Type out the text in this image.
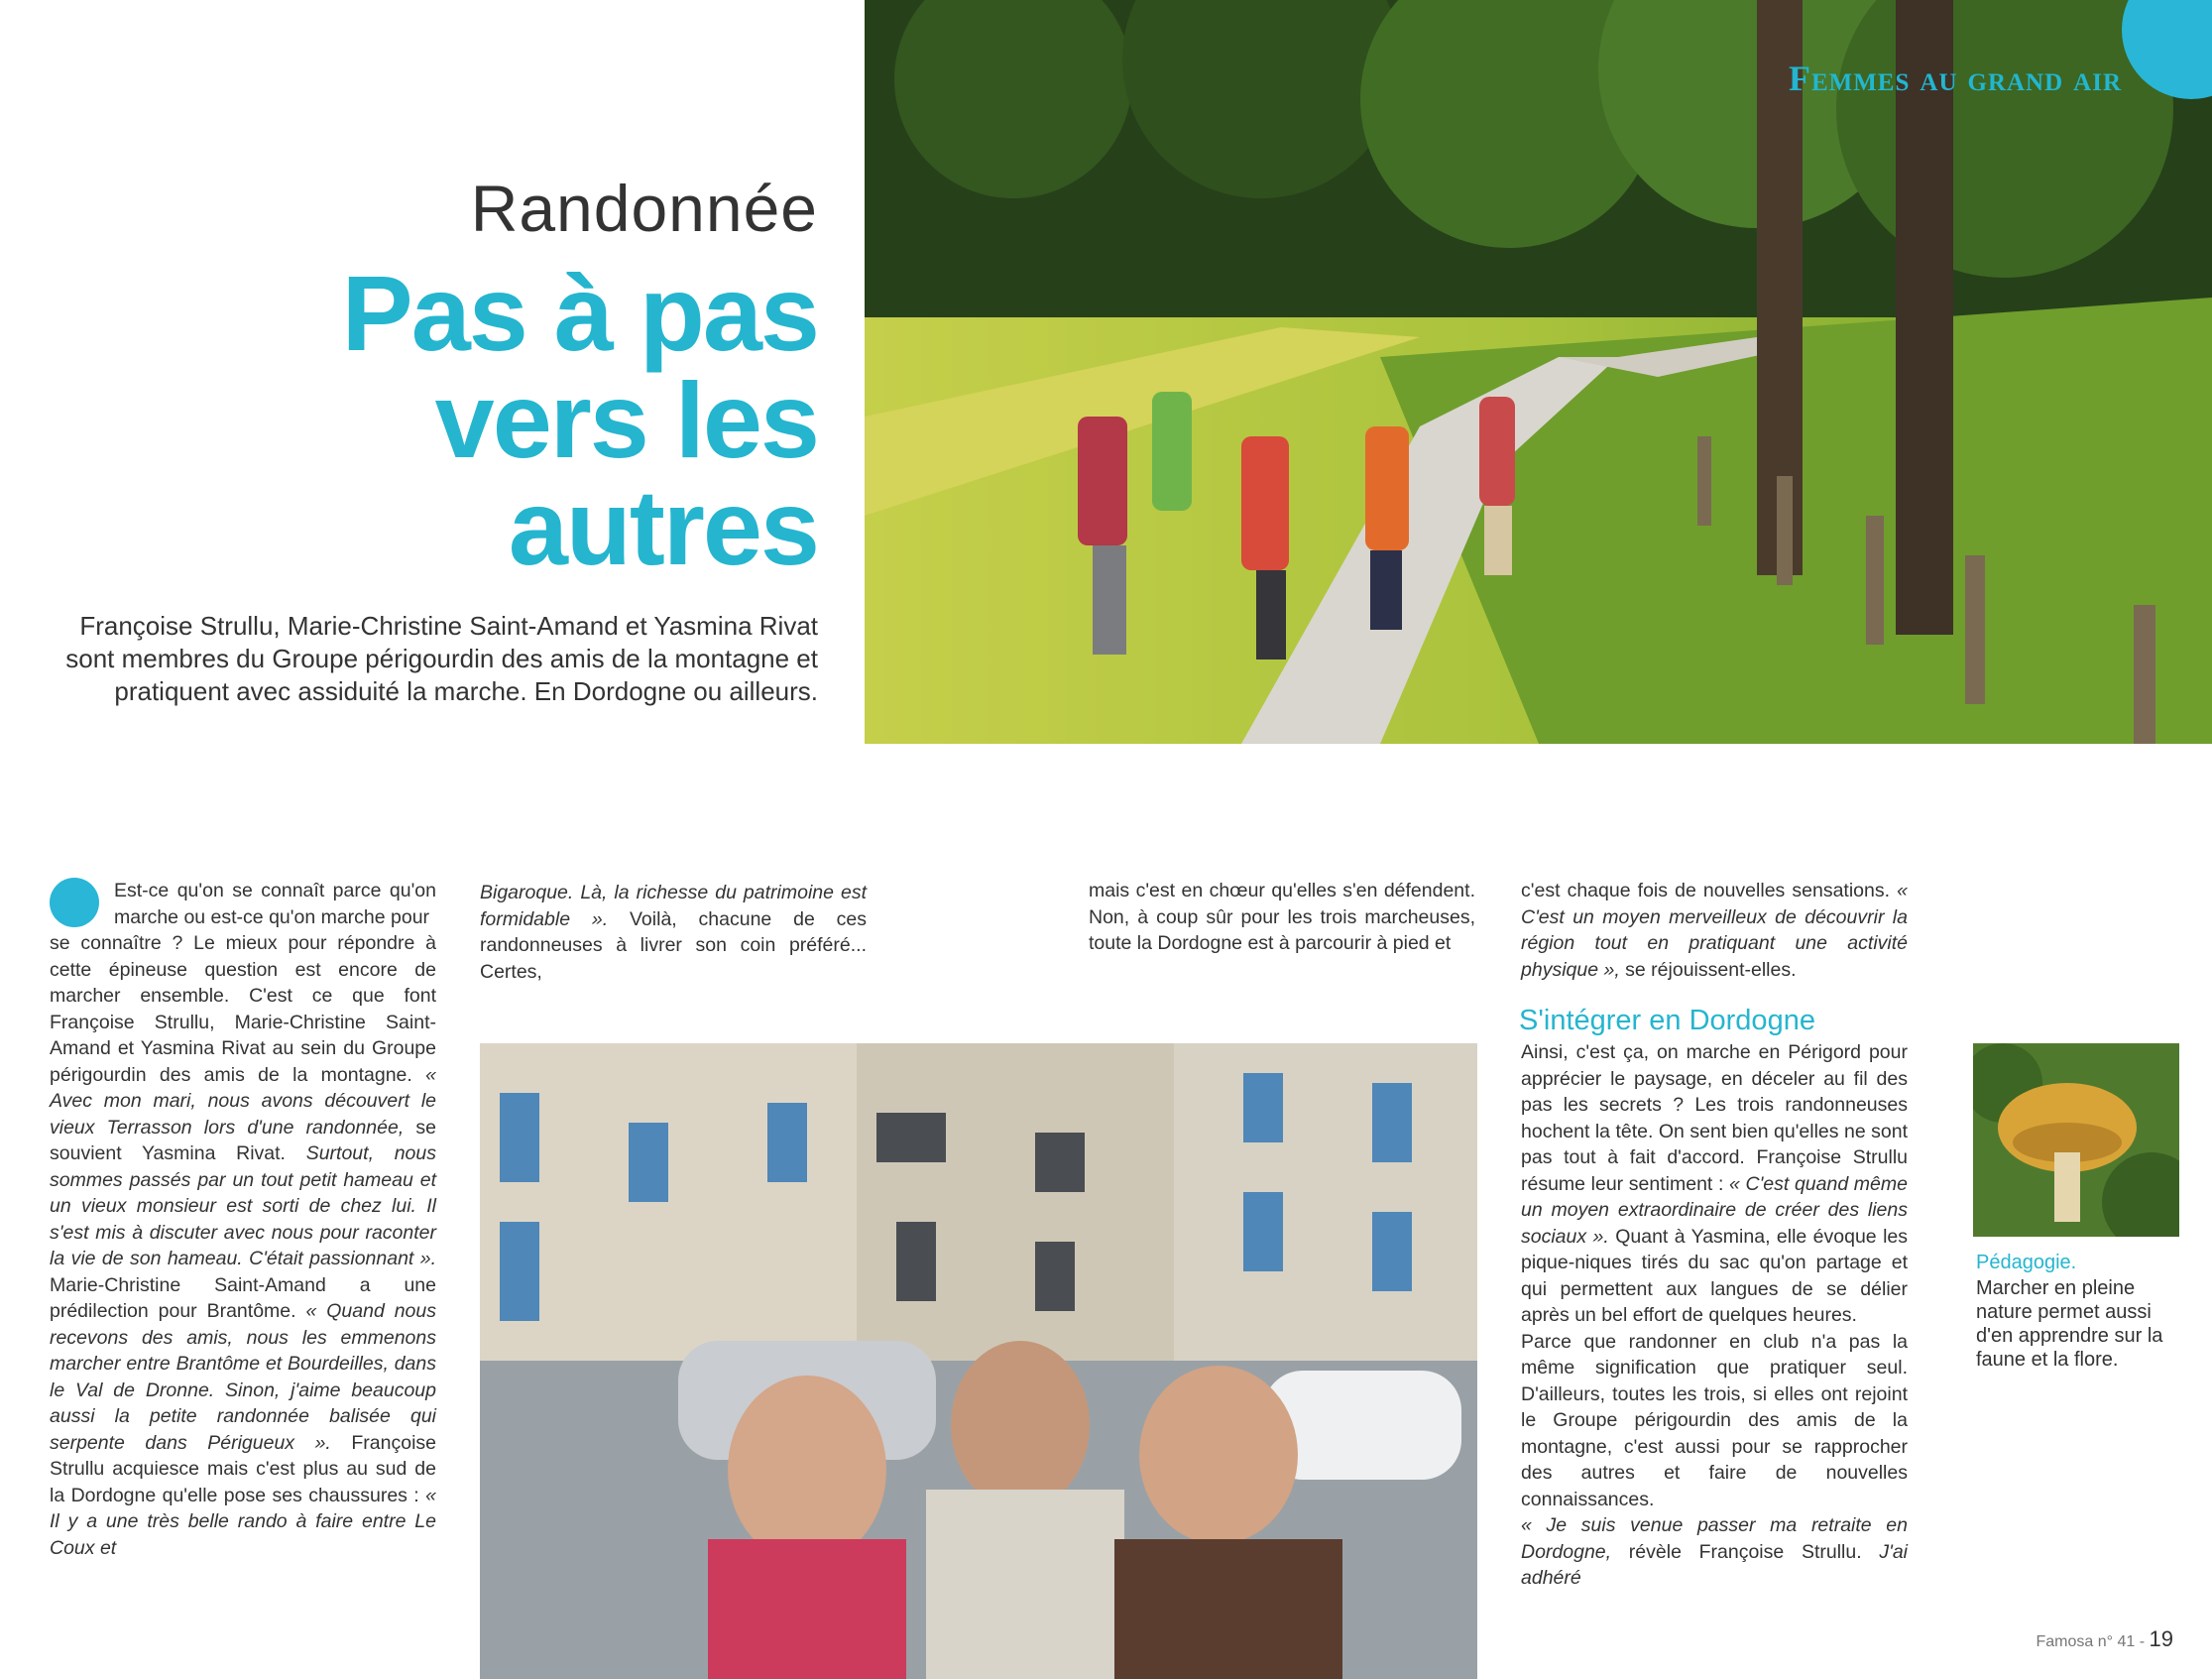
Femmes au grand air
Randonnée
Pas à pas
vers les autres
Françoise Strullu, Marie-Christine Saint-Amand et Yasmina Rivat sont membres du Groupe périgourdin des amis de la montagne et pratiquent avec assiduité la marche. En Dordogne ou ailleurs.
Est-ce qu'on se connaît parce qu'on marche ou est-ce qu'on marche pour
se connaître ? Le mieux pour répondre à cette épineuse question est encore de marcher ensemble. C'est ce que font Françoise Strullu, Marie-Christine Saint-Amand et Yasmina Rivat au sein du Groupe périgourdin des amis de la montagne. « Avec mon mari, nous avons découvert le vieux Terrasson lors d'une randonnée, se souvient Yasmina Rivat. Surtout, nous sommes passés par un tout petit hameau et un vieux monsieur est sorti de chez lui. Il s'est mis à discuter avec nous pour raconter la vie de son hameau. C'était passionnant ». Marie-Christine Saint-Amand a une prédilection pour Brantôme. « Quand nous recevons des amis, nous les emmenons marcher entre Brantôme et Bourdeilles, dans le Val de Dronne. Sinon, j'aime beaucoup aussi la petite randonnée balisée qui serpente dans Périgueux ». Françoise Strullu acquiesce mais c'est plus au sud de la Dordogne qu'elle pose ses chaussures : « Il y a une très belle rando à faire entre Le Coux et
Bigaroque. Là, la richesse du patrimoine est formidable ». Voilà, chacune de ces randonneuses à livrer son coin préféré... Certes,
mais c'est en chœur qu'elles s'en défendent. Non, à coup sûr pour les trois marcheuses, toute la Dordogne est à parcourir à pied et
c'est chaque fois de nouvelles sensations. « C'est un moyen merveilleux de découvrir la région tout en pratiquant une activité physique », se réjouissent-elles.
S'intégrer en Dordogne
Ainsi, c'est ça, on marche en Périgord pour apprécier le paysage, en déceler au fil des pas les secrets ? Les trois randonneuses hochent la tête. On sent bien qu'elles ne sont pas tout à fait d'accord. Françoise Strullu résume leur sentiment : « C'est quand même un moyen extraordinaire de créer des liens sociaux ». Quant à Yasmina, elle évoque les pique-niques tirés du sac qu'on partage et qui permettent aux langues de se délier après un bel effort de quelques heures.
Parce que randonner en club n'a pas la même signification que pratiquer seul. D'ailleurs, toutes les trois, si elles ont rejoint le Groupe périgourdin des amis de la montagne, c'est aussi pour se rapprocher des autres et faire de nouvelles connaissances.
« Je suis venue passer ma retraite en Dordogne, révèle Françoise Strullu. J'ai adhéré
Pédagogie.
Marcher en pleine nature permet aussi d'en apprendre sur la faune et la flore.
Famosa n° 41 - 19
